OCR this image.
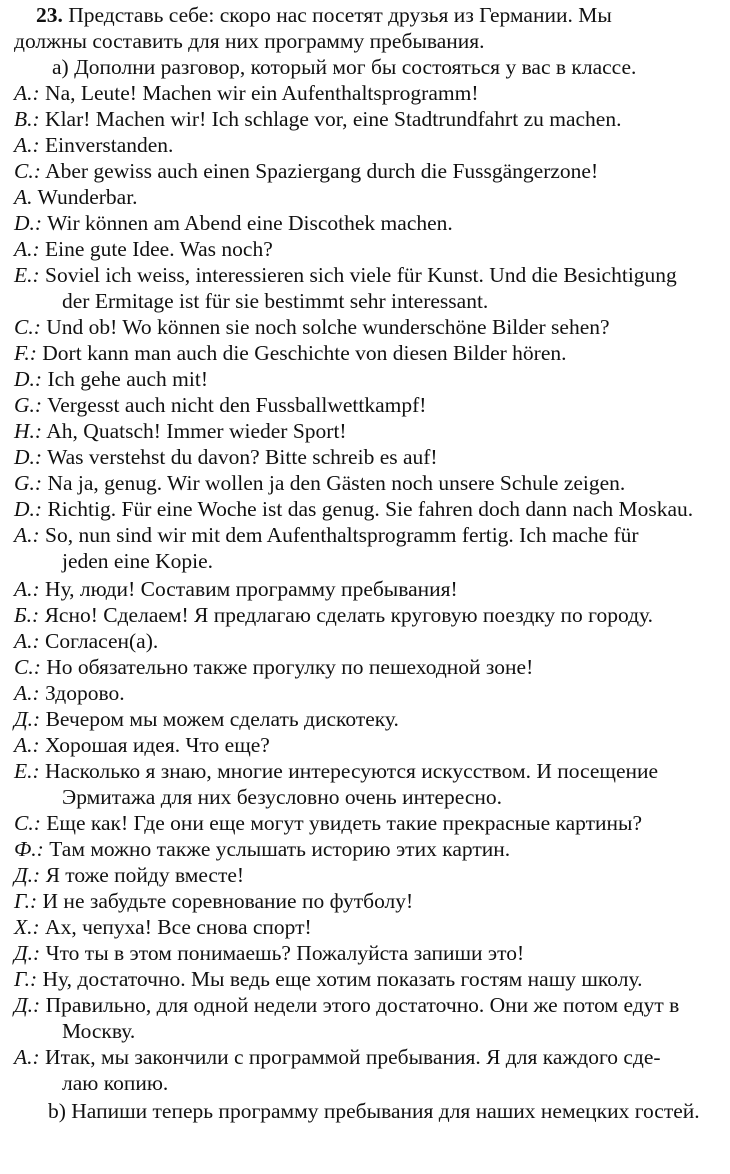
23. Представь себе: скоро нас посетят друзья из Германии. Мы
должны составить для них программу пребывания.
a) Дополни разговор, который мог бы состояться у вас в классе.
A.: Na, Leute! Machen wir ein Aufenthaltsprogramm!
B.: Klar! Machen wir! Ich schlage vor, eine Stadtrundfahrt zu machen.
A.: Einverstanden.
C.: Aber gewiss auch einen Spaziergang durch die Fussgängerzone!
A. Wunderbar.
D.: Wir können am Abend eine Discothek machen.
A.: Eine gute Idee. Was noch?
E.: Soviel ich weiss, interessieren sich viele für Kunst. Und die Besichtigung
der Ermitage ist für sie bestimmt sehr interessant.
C.: Und ob! Wo können sie noch solche wunderschöne Bilder sehen?
F.: Dort kann man auch die Geschichte von diesen Bilder hören.
D.: Ich gehe auch mit!
G.: Vergesst auch nicht den Fussballwettkampf!
H.: Ah, Quatsch! Immer wieder Sport!
D.: Was verstehst du davon? Bitte schreib es auf!
G.: Na ja, genug. Wir wollen ja den Gästen noch unsere Schule zeigen.
D.: Richtig. Für eine Woche ist das genug. Sie fahren doch dann nach Moskau.
A.: So, nun sind wir mit dem Aufenthaltsprogramm fertig. Ich mache für
jeden eine Kopie.
А.: Ну, люди! Составим программу пребывания!
Б.: Ясно! Сделаем! Я предлагаю сделать круговую поездку по городу.
А.: Согласен(а).
С.: Но обязательно также прогулку по пешеходной зоне!
А.: Здорово.
Д.: Вечером мы можем сделать дискотеку.
А.: Хорошая идея. Что еще?
Е.: Насколько я знаю, многие интересуются искусством. И посещение
Эрмитажа для них безусловно очень интересно.
С.: Еще как! Где они еще могут увидеть такие прекрасные картины?
Ф.: Там можно также услышать историю этих картин.
Д.: Я тоже пойду вместе!
Г.: И не забудьте соревнование по футболу!
Х.: Ах, чепуха! Все снова спорт!
Д.: Что ты в этом понимаешь? Пожалуйста запиши это!
Г.: Ну, достаточно. Мы ведь еще хотим показать гостям нашу школу.
Д.: Правильно, для одной недели этого достаточно. Они же потом едут в
Москву.
А.: Итак, мы закончили с программой пребывания. Я для каждого сде-
лаю копию.
b) Напиши теперь программу пребывания для наших немецких гостей.
